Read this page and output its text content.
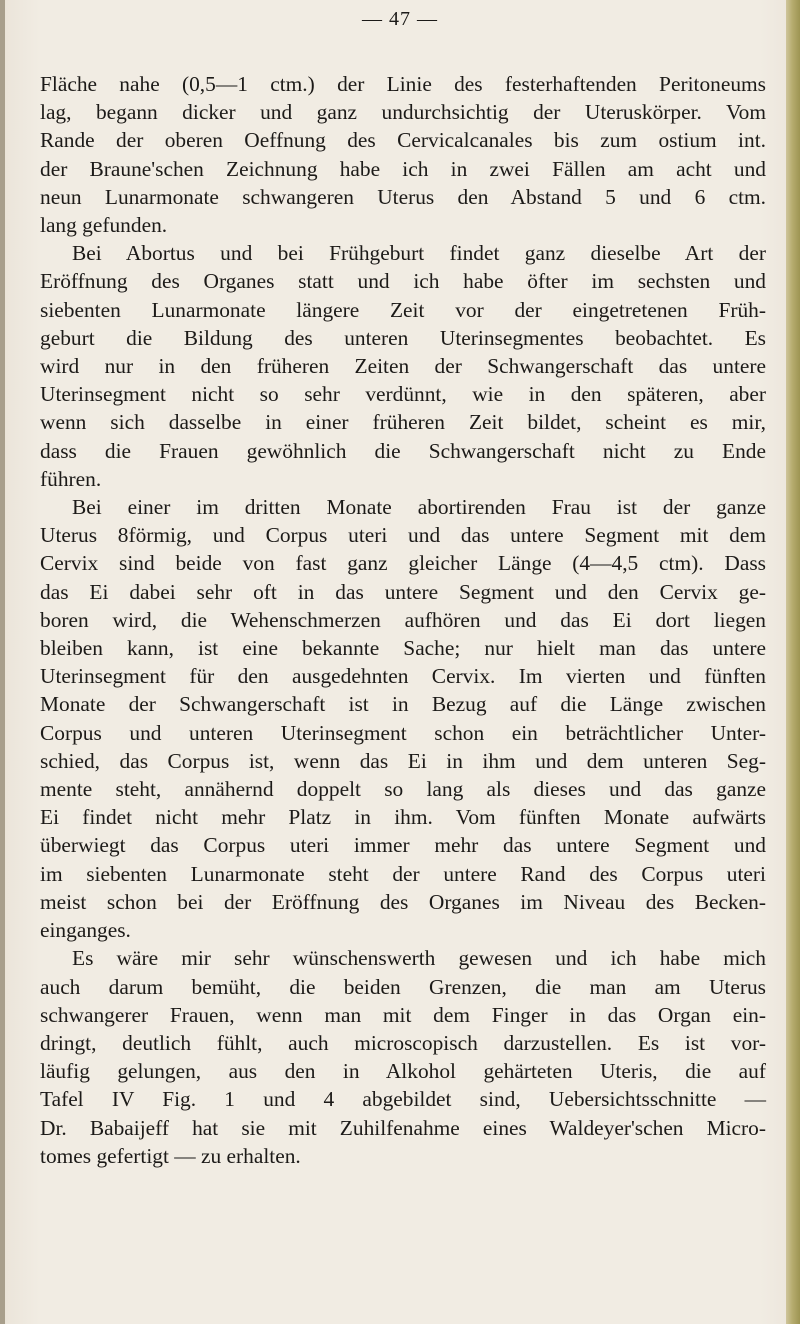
— 47 —
Fläche nahe (0,5—1 ctm.) der Linie des festerhaftenden Peritoneums
lag, begann dicker und ganz undurchsichtig der Uteruskörper. Vom
Rande der oberen Oeffnung des Cervicalcanales bis zum ostium int.
der Braune'schen Zeichnung habe ich in zwei Fällen am acht und
neun Lunarmonate schwangeren Uterus den Abstand 5 und 6 ctm.
lang gefunden.
Bei Abortus und bei Frühgeburt findet ganz dieselbe Art der
Eröffnung des Organes statt und ich habe öfter im sechsten und
siebenten Lunarmonate längere Zeit vor der eingetretenen Früh-
geburt die Bildung des unteren Uterinsegmentes beobachtet. Es
wird nur in den früheren Zeiten der Schwangerschaft das untere
Uterinsegment nicht so sehr verdünnt, wie in den späteren, aber
wenn sich dasselbe in einer früheren Zeit bildet, scheint es mir,
dass die Frauen gewöhnlich die Schwangerschaft nicht zu Ende
führen.
Bei einer im dritten Monate abortirenden Frau ist der ganze
Uterus 8förmig, und Corpus uteri und das untere Segment mit dem
Cervix sind beide von fast ganz gleicher Länge (4—4,5 ctm). Dass
das Ei dabei sehr oft in das untere Segment und den Cervix ge-
boren wird, die Wehenschmerzen aufhören und das Ei dort liegen
bleiben kann, ist eine bekannte Sache; nur hielt man das untere
Uterinsegment für den ausgedehnten Cervix. Im vierten und fünften
Monate der Schwangerschaft ist in Bezug auf die Länge zwischen
Corpus und unteren Uterinsegment schon ein beträchtlicher Unter-
schied, das Corpus ist, wenn das Ei in ihm und dem unteren Seg-
mente steht, annähernd doppelt so lang als dieses und das ganze
Ei findet nicht mehr Platz in ihm. Vom fünften Monate aufwärts
überwiegt das Corpus uteri immer mehr das untere Segment und
im siebenten Lunarmonate steht der untere Rand des Corpus uteri
meist schon bei der Eröffnung des Organes im Niveau des Becken-
einganges.
Es wäre mir sehr wünschenswerth gewesen und ich habe mich
auch darum bemüht, die beiden Grenzen, die man am Uterus
schwangerer Frauen, wenn man mit dem Finger in das Organ ein-
dringt, deutlich fühlt, auch microscopisch darzustellen. Es ist vor-
läufig gelungen, aus den in Alkohol gehärteten Uteris, die auf
Tafel IV Fig. 1 und 4 abgebildet sind, Uebersichtsschnitte —
Dr. Babaijeff hat sie mit Zuhilfenahme eines Waldeyer'schen Micro-
tomes gefertigt — zu erhalten.
